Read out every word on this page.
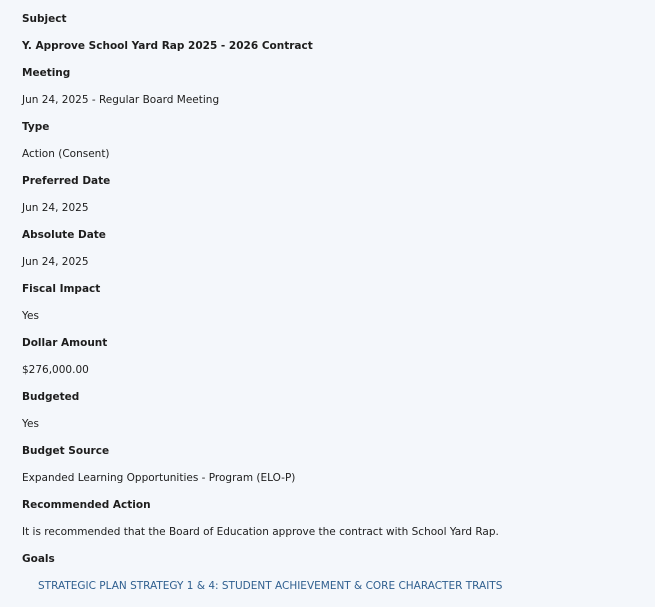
Subject
Y. Approve School Yard Rap 2025 - 2026 Contract
Meeting
Jun 24, 2025 - Regular Board Meeting
Type
Action (Consent)
Preferred Date
Jun 24, 2025
Absolute Date
Jun 24, 2025
Fiscal Impact
Yes
Dollar Amount
$276,000.00
Budgeted
Yes
Budget Source
Expanded Learning Opportunities - Program (ELO-P)
Recommended Action
It is recommended that the Board of Education approve the contract with School Yard Rap.
Goals
STRATEGIC PLAN STRATEGY 1 & 4: STUDENT ACHIEVEMENT & CORE CHARACTER TRAITS
